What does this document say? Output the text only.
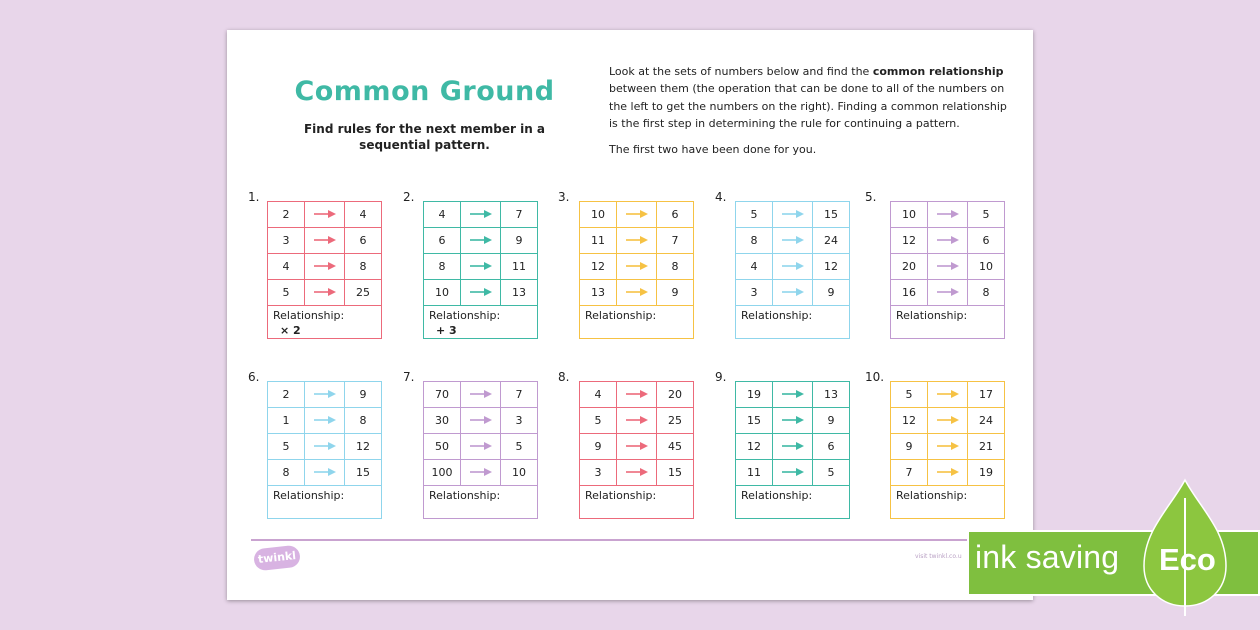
Common Ground
Find rules for the next member in a sequential pattern.

Look at the sets of numbers below and find the common relationship between them (the operation that can be done to all of the numbers on the left to get the numbers on the right). Finding a common relationship is the first step in determining the rule for continuing a pattern.

The first two have been done for you.

1.
2		4
3		6
4		8
5		25
Relationship:
× 2
2.
4		7
6		9
8		11
10		13
Relationship:
+ 3
3.
10		6
11		7
12		8
13		9
Relationship:
4.
5		15
8		24
4		12
3		9
Relationship:
5.
10		5
12		6
20		10
16		8
Relationship:
6.
2		9
1		8
5		12
8		15
Relationship:
7.
70		7
30		3
50		5
100		10
Relationship:
8.
4		20
5		25
9		45
3		15
Relationship:
9.
19		13
15		9
12		6
11		5
Relationship:
10.
5		17
12		24
9		21
7		19
Relationship:
twinkl	visit twinkl.co.u ink saving Eco
